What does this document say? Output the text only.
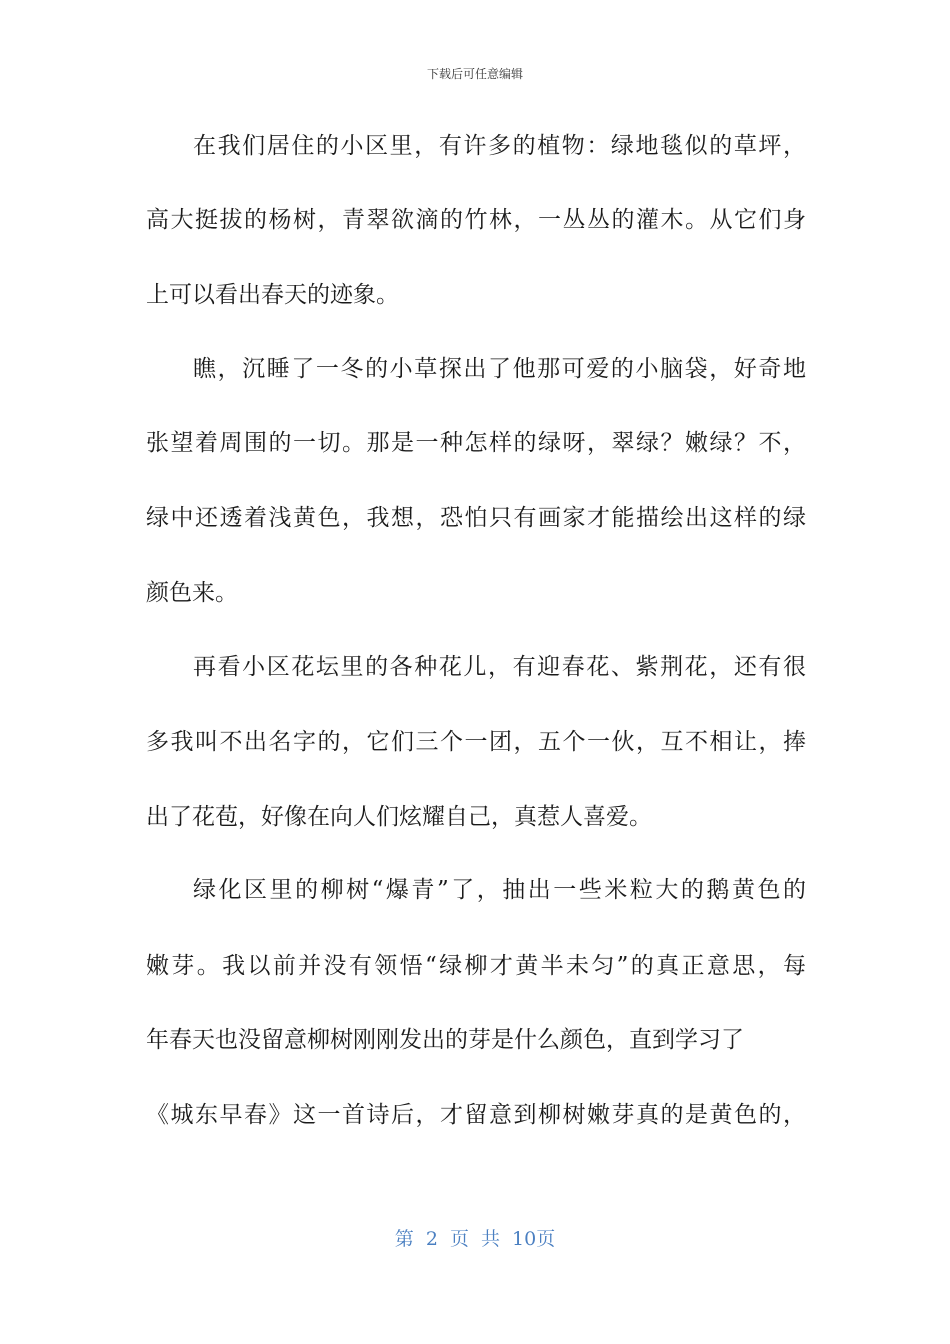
下载后可任意编辑
在我们居住的小区里，有许多的植物：绿地毯似的草坪，
高大挺拔的杨树，青翠欲滴的竹林，一丛丛的灌木。从它们身
上可以看出春天的迹象。
瞧，沉睡了一冬的小草探出了他那可爱的小脑袋，好奇地
张望着周围的一切。那是一种怎样的绿呀，翠绿？嫩绿？不，
绿中还透着浅黄色，我想，恐怕只有画家才能描绘出这样的绿
颜色来。
再看小区花坛里的各种花儿，有迎春花、紫荆花，还有很
多我叫不出名字的，它们三个一团，五个一伙，互不相让，捧
出了花苞，好像在向人们炫耀自己，真惹人喜爱。
绿化区里的柳树“爆青”了，抽出一些米粒大的鹅黄色的
嫩芽。我以前并没有领悟“绿柳才黄半未匀”的真正意思，每
年春天也没留意柳树刚刚发出的芽是什么颜色，直到学习了
《城东早春》这一首诗后，才留意到柳树嫩芽真的是黄色的，
第 2 页 共 10页
